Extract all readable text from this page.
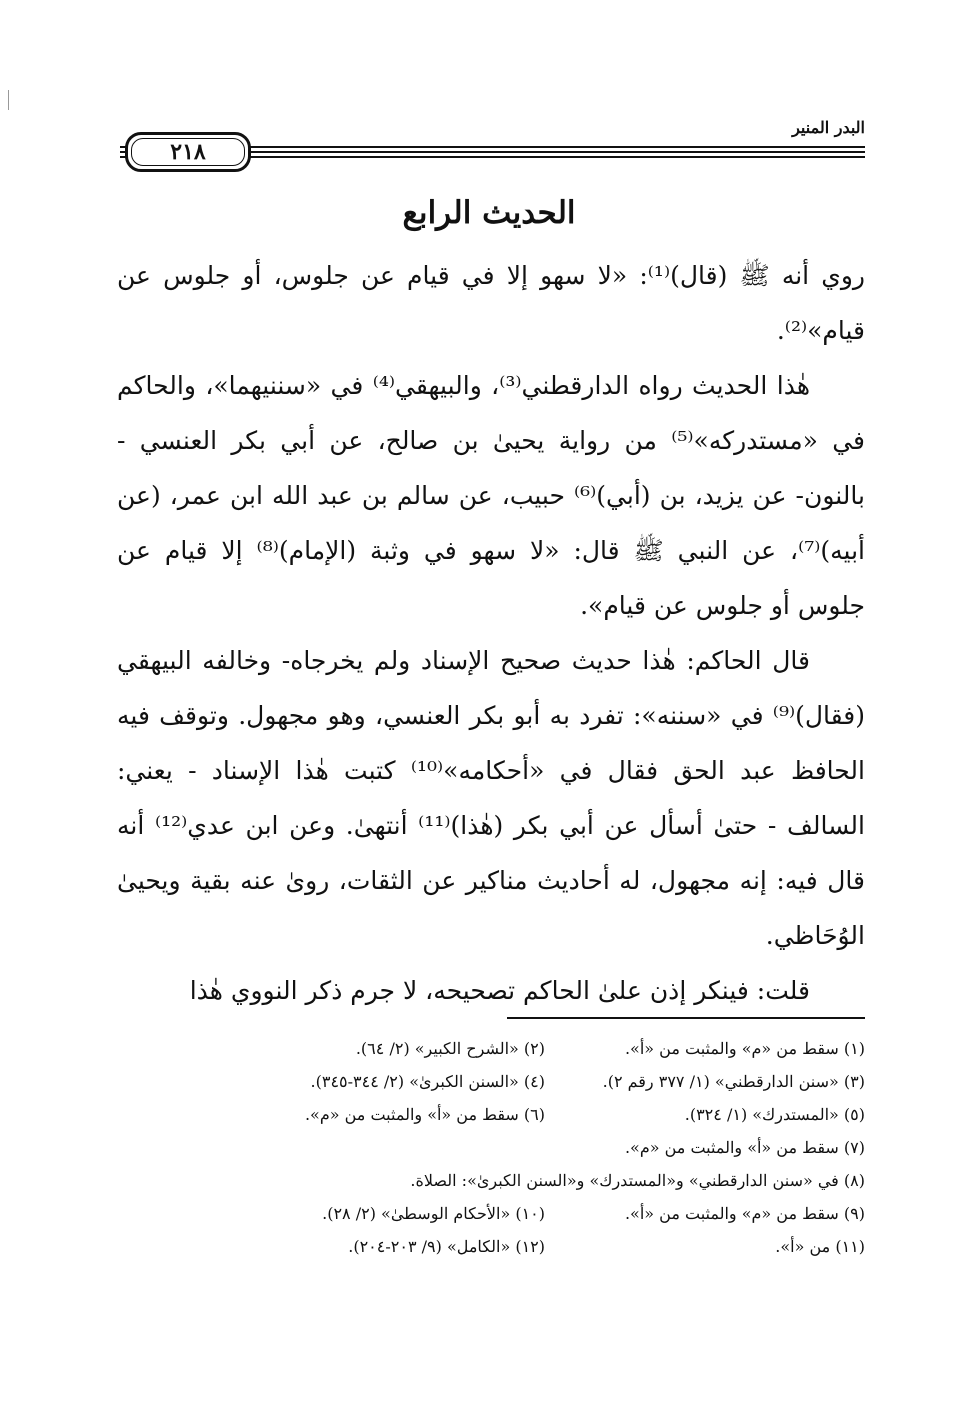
البدر المنير
٢١٨
الحديث الرابع

روي أنه ﷺ (قال)⁽¹⁾: «لا سهو إلا في قيام عن جلوس، أو جلوس عن قيام»⁽²⁾.

هٰذا الحديث رواه الدارقطني⁽³⁾، والبيهقي⁽⁴⁾ في «سننيهما»، والحاكم في «مستدركه»⁽⁵⁾ من رواية يحيىٰ بن صالح، عن أبي بكر العنسي - بالنون- عن يزيد، بن (أبي)⁽⁶⁾ حبيب، عن سالم بن عبد الله ابن عمر، (عن أبيه)⁽⁷⁾، عن النبي ﷺ قال: «لا سهو في وثبة (الإمام)⁽⁸⁾ إلا قيام عن جلوس أو جلوس عن قيام».

قال الحاكم: هٰذا حديث صحيح الإسناد ولم يخرجاه- وخالفه البيهقي (فقال)⁽⁹⁾ في «سننه»: تفرد به أبو بكر العنسي، وهو مجهول. وتوقف فيه الحافظ عبد الحق فقال في «أحكامه»⁽¹⁰⁾ كتبت هٰذا الإسناد - يعني: السالف - حتىٰ أسأل عن أبي بكر (هٰذا)⁽¹¹⁾ أنتهىٰ. وعن ابن عدي⁽¹²⁾ أنه قال فيه: إنه مجهول، له أحاديث مناكير عن الثقات، رویٰ عنه بقية ويحيىٰ الوُحَاظي.

قلت: فينكر إذن علىٰ الحاكم تصحيحه، لا جرم ذكر النووي هٰذا

(١) سقط من «م» والمثبت من «أ».
(٢) «الشرح الكبير» (٢/ ٦٤).
(٣) «سنن الدارقطني» (١/ ٣٧٧ رقم ٢).
(٤) «السنن الكبرىٰ» (٢/ ٣٤٤-٣٤٥).
(٥) «المستدرك» (١/ ٣٢٤).
(٦) سقط من «أ» والمثبت من «م».
(٧) سقط من «أ» والمثبت من «م».
(٨) في «سنن الدارقطني» و«المستدرك» و«السنن الكبرىٰ»: الصلاة.
(٩) سقط من «م» والمثبت من «أ».
(١٠) «الأحكام الوسطىٰ» (٢/ ٢٨).
(١١) من «أ».
(١٢) «الكامل» (٩/ ٢٠٣-٢٠٤).
